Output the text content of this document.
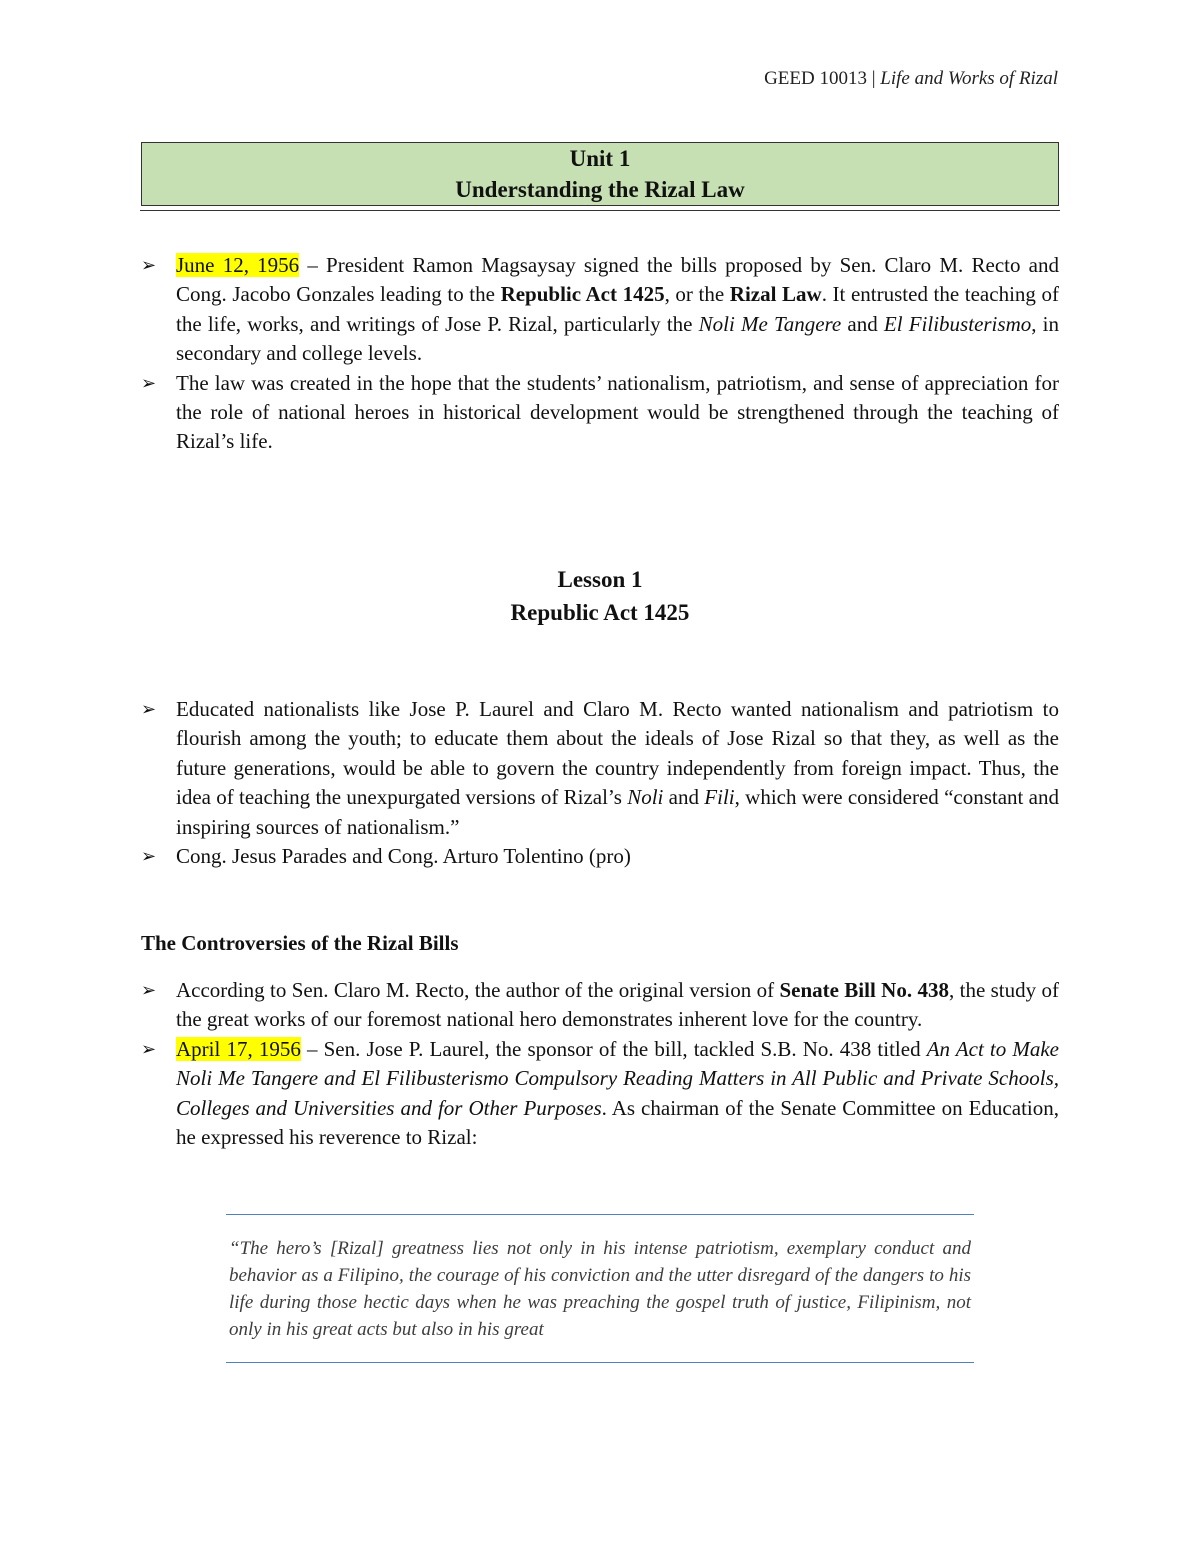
GEED 10013 | Life and Works of Rizal
Unit 1
Understanding the Rizal Law
➢ June 12, 1956 – President Ramon Magsaysay signed the bills proposed by Sen. Claro M. Recto and Cong. Jacobo Gonzales leading to the Republic Act 1425, or the Rizal Law. It entrusted the teaching of the life, works, and writings of Jose P. Rizal, particularly the Noli Me Tangere and El Filibusterismo, in secondary and college levels.
➢ The law was created in the hope that the students’ nationalism, patriotism, and sense of appreciation for the role of national heroes in historical development would be strengthened through the teaching of Rizal’s life.
Lesson 1
Republic Act 1425
➢ Educated nationalists like Jose P. Laurel and Claro M. Recto wanted nationalism and patriotism to flourish among the youth; to educate them about the ideals of Jose Rizal so that they, as well as the future generations, would be able to govern the country independently from foreign impact. Thus, the idea of teaching the unexpurgated versions of Rizal’s Noli and Fili, which were considered “constant and inspiring sources of nationalism.”
➢ Cong. Jesus Parades and Cong. Arturo Tolentino (pro)
The Controversies of the Rizal Bills
➢ According to Sen. Claro M. Recto, the author of the original version of Senate Bill No. 438, the study of the great works of our foremost national hero demonstrates inherent love for the country.
➢ April 17, 1956 – Sen. Jose P. Laurel, the sponsor of the bill, tackled S.B. No. 438 titled An Act to Make Noli Me Tangere and El Filibusterismo Compulsory Reading Matters in All Public and Private Schools, Colleges and Universities and for Other Purposes. As chairman of the Senate Committee on Education, he expressed his reverence to Rizal:

“The hero’s [Rizal] greatness lies not only in his intense patriotism, exemplary conduct and behavior as a Filipino, the courage of his conviction and the utter disregard of the dangers to his life during those hectic days when he was preaching the gospel truth of justice, Filipinism, not only in his great acts but also in his great
